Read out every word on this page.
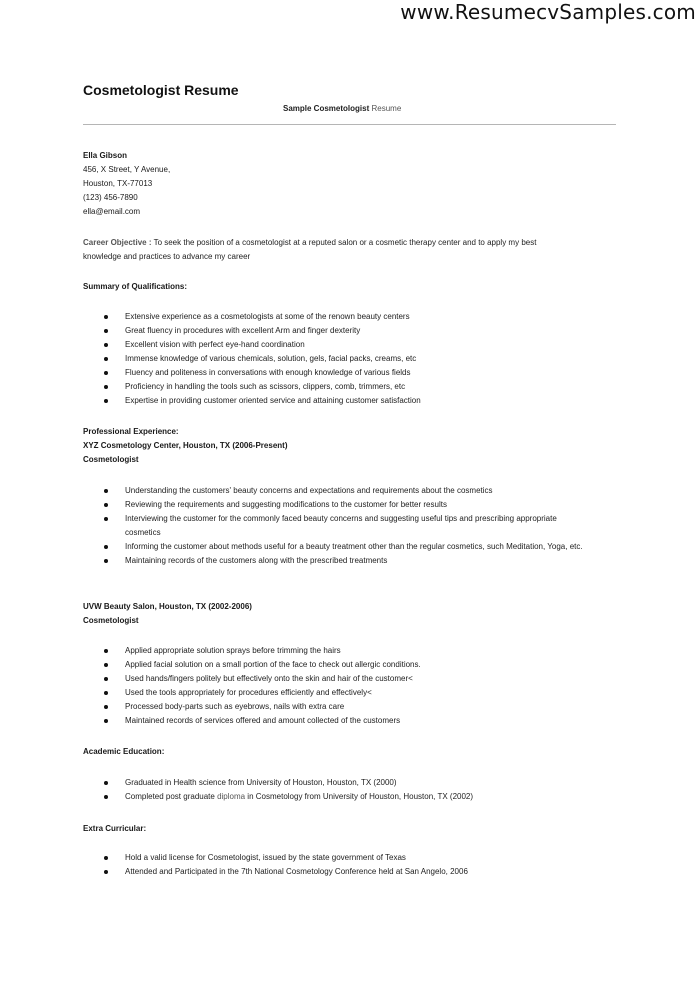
www.ResumecvSamples.com
Cosmetologist Resume
Sample Cosmetologist Resume
Ella Gibson
456, X Street, Y Avenue,
Houston, TX-77013
(123) 456-7890
ella@email.com
Career Objective : To seek the position of a cosmetologist at a reputed salon or a cosmetic therapy center and to apply my best
knowledge and practices to advance my career
Summary of Qualifications:
Extensive experience as a cosmetologists at some of the renown beauty centers
Great fluency in procedures with excellent Arm and finger dexterity
Excellent vision with perfect eye-hand coordination
Immense knowledge of various chemicals, solution, gels, facial packs, creams, etc
Fluency and politeness in conversations with enough knowledge of various fields
Proficiency in handling the tools such as scissors, clippers, comb, trimmers, etc
Expertise in providing customer oriented service and attaining customer satisfaction
Professional Experience:
XYZ Cosmetology Center, Houston, TX (2006-Present)
Cosmetologist
Understanding the customers' beauty concerns and expectations and requirements about the cosmetics
Reviewing the requirements and suggesting modifications to the customer for better results
Interviewing the customer for the commonly faced beauty concerns and suggesting useful tips and prescribing appropriate cosmetics
Informing the customer about methods useful for a beauty treatment other than the regular cosmetics, such Meditation, Yoga, etc.
Maintaining records of the customers along with the prescribed treatments
UVW Beauty Salon, Houston, TX (2002-2006)
Cosmetologist
Applied appropriate solution sprays before trimming the hairs
Applied facial solution on a small portion of the face to check out allergic conditions.
Used hands/fingers politely but effectively onto the skin and hair of the customer<
Used the tools appropriately for procedures efficiently and effectively<
Processed body-parts such as eyebrows, nails with extra care
Maintained records of services offered and amount collected of the customers
Academic Education:
Graduated in Health science from University of Houston, Houston, TX (2000)
Completed post graduate diploma in Cosmetology from University of Houston, Houston, TX (2002)
Extra Curricular:
Hold a valid license for Cosmetologist, issued by the state government of Texas
Attended and Participated in the 7th National Cosmetology Conference held at San Angelo, 2006
